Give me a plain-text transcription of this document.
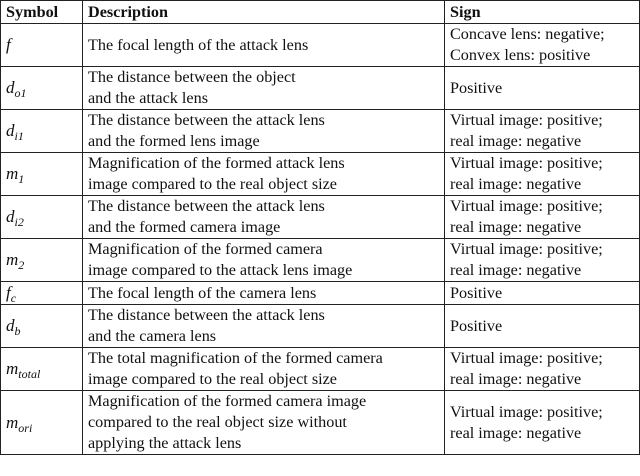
Symbol	Description	Sign
f	The focal length of the attack lens	Concave lens: negative;
Convex lens: positive

$d_{o1}$	The distance between the object
and the attack lens	Positive

$d_{i1}$	The distance between the attack lens
and the formed lens image	Virtual image: positive;
real image: negative

$m_1$	Magnification of the formed attack lens
image compared to the real object size	Virtual image: positive;
real image: negative

$d_{i2}$	The distance between the attack lens
and the formed camera image	Virtual image: positive;
real image: negative

$m_2$	Magnification of the formed camera
image compared to the attack lens image	Virtual image: positive;
real image: negative

$f_c$	The focal length of the camera lens	Positive

$d_b$	The distance between the attack lens
and the camera lens	Positive

$m_{total}$	The total magnification of the formed camera
image compared to the real object size	Virtual image: positive;
real image: negative

$m_{ori}$	Magnification of the formed camera image
compared to the real object size without
applying the attack lens	Virtual image: positive;
real image: negative
